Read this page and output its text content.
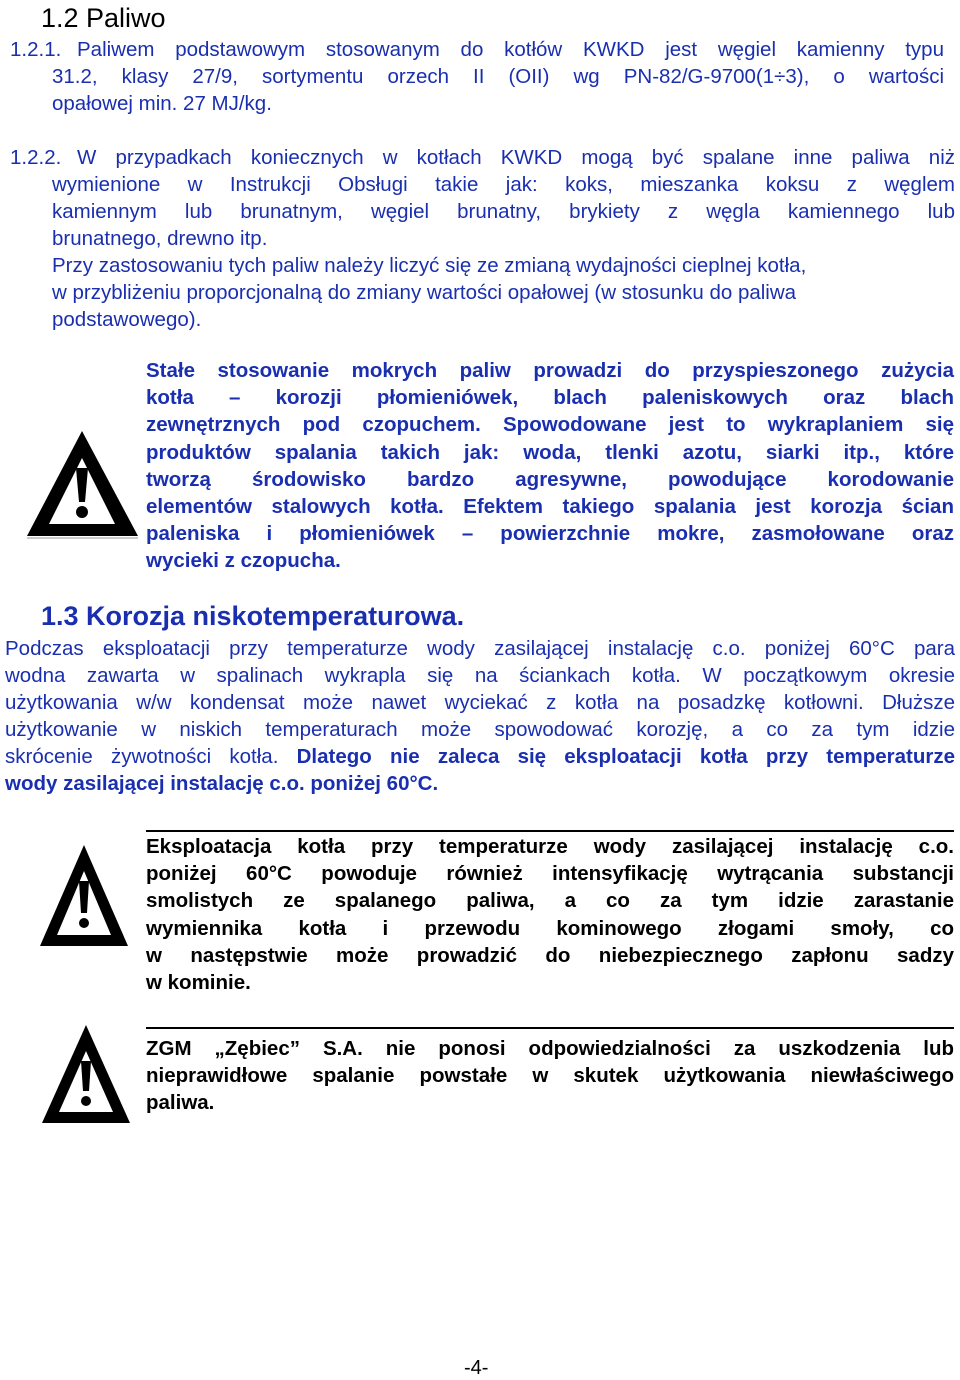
1.2 Paliwo
1.2.1. Paliwem podstawowym stosowanym do kotłów KWKD jest węgiel kamienny typu
31.2, klasy 27/9, sortymentu orzech II (OII) wg PN-82/G-9700(1÷3), o wartości
opałowej min. 27 MJ/kg.
1.2.2. W przypadkach koniecznych w kotłach KWKD mogą być spalane inne paliwa niż
wymienione w Instrukcji Obsługi takie jak: koks, mieszanka koksu z węglem
kamiennym lub brunatnym, węgiel brunatny, brykiety z węgla kamiennego lub
brunatnego, drewno itp.
Przy zastosowaniu tych paliw należy liczyć się ze zmianą wydajności cieplnej kotła,
w przybliżeniu proporcjonalną do zmiany wartości opałowej (w stosunku do paliwa
podstawowego).
Stałe stosowanie mokrych paliw prowadzi do przyspieszonego zużycia
kotła – korozji płomieniówek, blach paleniskowych oraz blach
zewnętrznych pod czopuchem. Spowodowane jest to wykraplaniem się
produktów spalania takich jak: woda, tlenki azotu, siarki itp., które
tworzą środowisko bardzo agresywne, powodujące korodowanie
elementów stalowych kotła. Efektem takiego spalania jest korozja ścian
paleniska i płomieniówek – powierzchnie mokre, zasmołowane oraz
wycieki z czopucha.
1.3 Korozja niskotemperaturowa.
Podczas eksploatacji przy temperaturze wody zasilającej instalację c.o. poniżej 60°C para
wodna zawarta w spalinach wykrapla się na ściankach kotła. W początkowym okresie
użytkowania w/w kondensat może nawet wyciekać z kotła na posadzkę kotłowni. Dłuższe
użytkowanie w niskich temperaturach może spowodować korozję, a co za tym idzie
skrócenie żywotności kotła. Dlatego nie zaleca się eksploatacji kotła przy temperaturze
wody zasilającej instalację c.o. poniżej 60°C.
Eksploatacja kotła przy temperaturze wody zasilającej instalację c.o.
poniżej 60°C powoduje również intensyfikację wytrącania substancji
smolistych ze spalanego paliwa, a co za tym idzie zarastanie
wymiennika kotła i przewodu kominowego złogami smoły, co
w następstwie może prowadzić do niebezpiecznego zapłonu sadzy
w kominie.
ZGM „Zębiec” S.A. nie ponosi odpowiedzialności za uszkodzenia lub
nieprawidłowe spalanie powstałe w skutek użytkowania niewłaściwego
paliwa.
-4-
